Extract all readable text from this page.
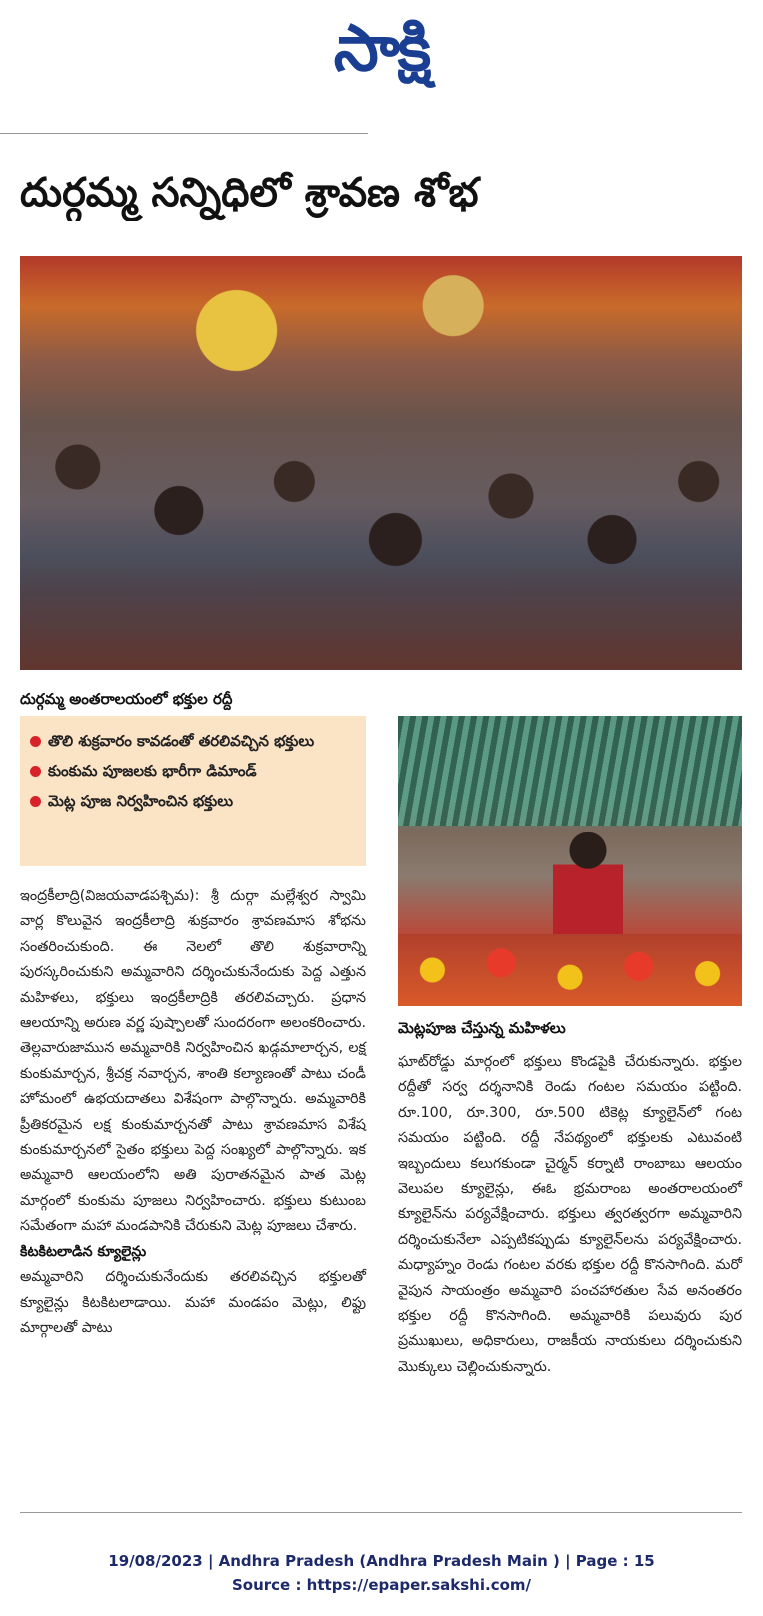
సాక్షి
దుర్గమ్మ సన్నిధిలో శ్రావణ శోభ
దుర్గమ్మ అంతరాలయంలో భక్తుల రద్దీ
తొలి శుక్రవారం కావడంతో తరలివచ్చిన భక్తులు
కుంకుమ పూజలకు భారీగా డిమాండ్
మెట్ల పూజ నిర్వహించిన భక్తులు
మెట్లపూజ చేస్తున్న మహిళలు

ఇంద్రకీలాద్రి(విజయవాడపశ్చిమ): శ్రీ దుర్గా మల్లేశ్వర స్వామి వార్ల కొలువైన ఇంద్రకీలాద్రి శుక్రవారం శ్రావణమాస శోభను సంతరించుకుంది. ఈ నెలలో తొలి శుక్రవారాన్ని పురస్కరించుకుని అమ్మవారిని దర్శించుకునేందుకు పెద్ద ఎత్తున మహిళలు, భక్తులు ఇంద్రకీలాద్రికి తరలివచ్చారు. ప్రధాన ఆలయాన్ని అరుణ వర్ణ పుష్పాలతో సుందరంగా అలంకరించారు. తెల్లవారుజామున అమ్మవారికి నిర్వహించిన ఖడ్గమాలార్చన, లక్ష కుంకుమార్చన, శ్రీచక్ర నవార్చన, శాంతి కల్యాణంతో పాటు చండీ హోమంలో ఉభయదాతలు విశేషంగా పాల్గొన్నారు. అమ్మవారికి ప్రీతికరమైన లక్ష కుంకుమార్చనతో పాటు శ్రావణమాస విశేష కుంకుమార్చనలో సైతం భక్తులు పెద్ద సంఖ్యలో పాల్గొన్నారు. ఇక అమ్మవారి ఆలయంలోని అతి పురాతనమైన పాత మెట్ల మార్గంలో కుంకుమ పూజలు నిర్వహించారు. భక్తులు కుటుంబ సమేతంగా మహా మండపానికి చేరుకుని మెట్ల పూజలు చేశారు.

కిటకిటలాడిన క్యూలైన్లు

అమ్మవారిని దర్శించుకునేందుకు తరలివచ్చిన భక్తులతో క్యూలైన్లు కిటకిటలాడాయి. మహా మండపం మెట్లు, లిఫ్టు మార్గాలతో పాటు

ఘాట్‌రోడ్డు మార్గంలో భక్తులు కొండపైకి చేరుకున్నారు. భక్తుల రద్దీతో సర్వ దర్శనానికి రెండు గంటల సమయం పట్టింది. రూ.100, రూ.300, రూ.500 టికెట్ల క్యూలైన్‌లో గంట సమయం పట్టింది. రద్దీ నేపథ్యంలో భక్తులకు ఎటువంటి ఇబ్బందులు కలుగకుండా చైర్మన్ కర్నాటి రాంబాబు ఆలయం వెలుపల క్యూలైన్లు, ఈఓ భ్రమరాంబ అంతరాలయంలో క్యూలైన్‌ను పర్యవేక్షించారు. భక్తులు త్వరత్వరగా అమ్మవారిని దర్శించుకునేలా ఎప్పటికప్పుడు క్యూలైన్‌లను పర్యవేక్షించారు. మధ్యాహ్నం రెండు గంటల వరకు భక్తుల రద్దీ కొనసాగింది. మరో వైపున సాయంత్రం అమ్మవారి పంచహారతుల సేవ అనంతరం భక్తుల రద్దీ కొనసాగింది. అమ్మవారికి పలువురు పుర ప్రముఖులు, అధికారులు, రాజకీయ నాయకులు దర్శించుకుని మొక్కులు చెల్లించుకున్నారు.

19/08/2023 | Andhra Pradesh (Andhra Pradesh Main ) | Page : 15
Source : https://epaper.sakshi.com/
